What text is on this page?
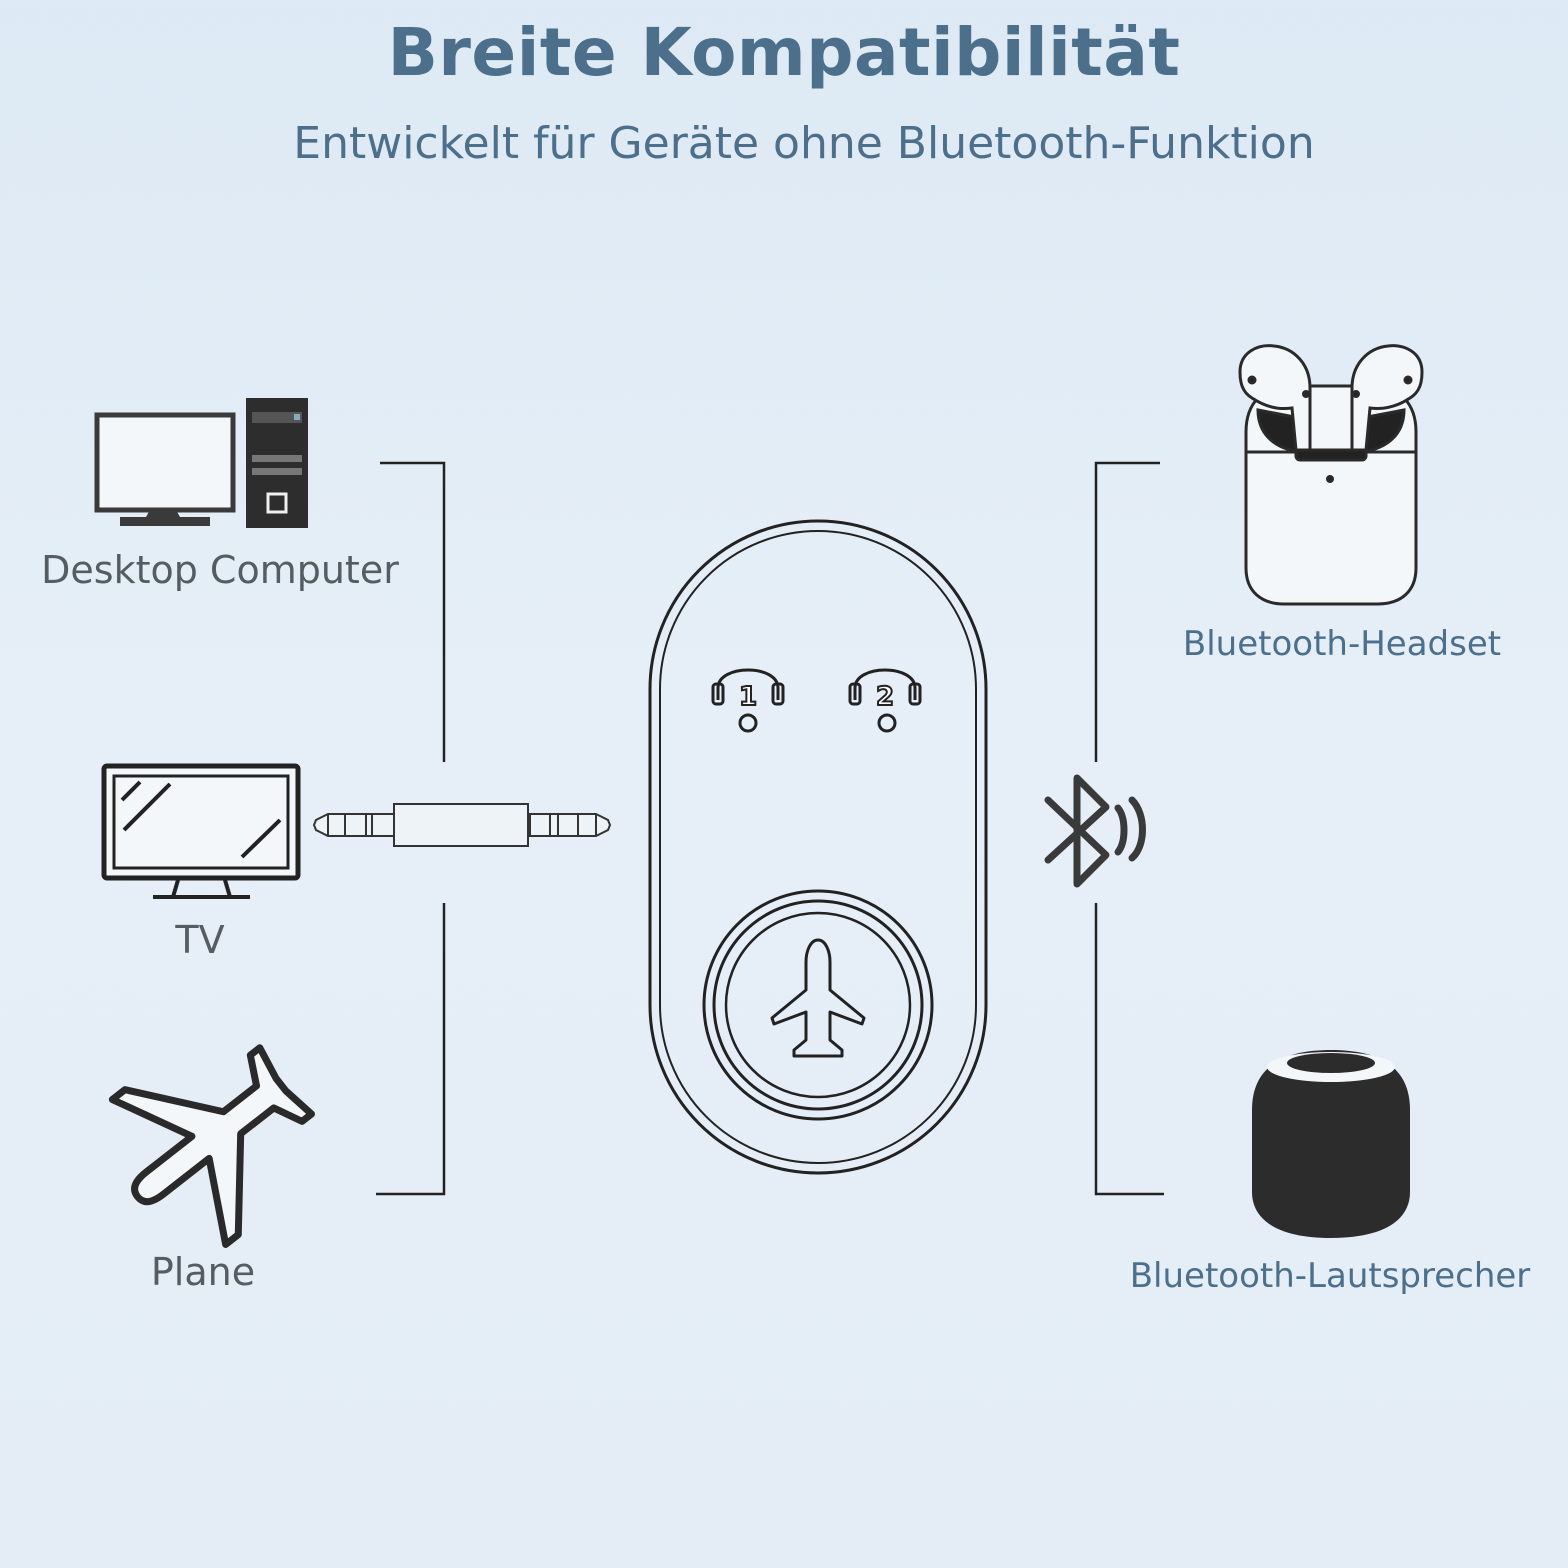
Breite Kompatibilität
Entwickelt für Geräte ohne Bluetooth-Funktion
1	2
Desktop Computer
TV
Plane
Bluetooth-Headset
Bluetooth-Lautsprecher
